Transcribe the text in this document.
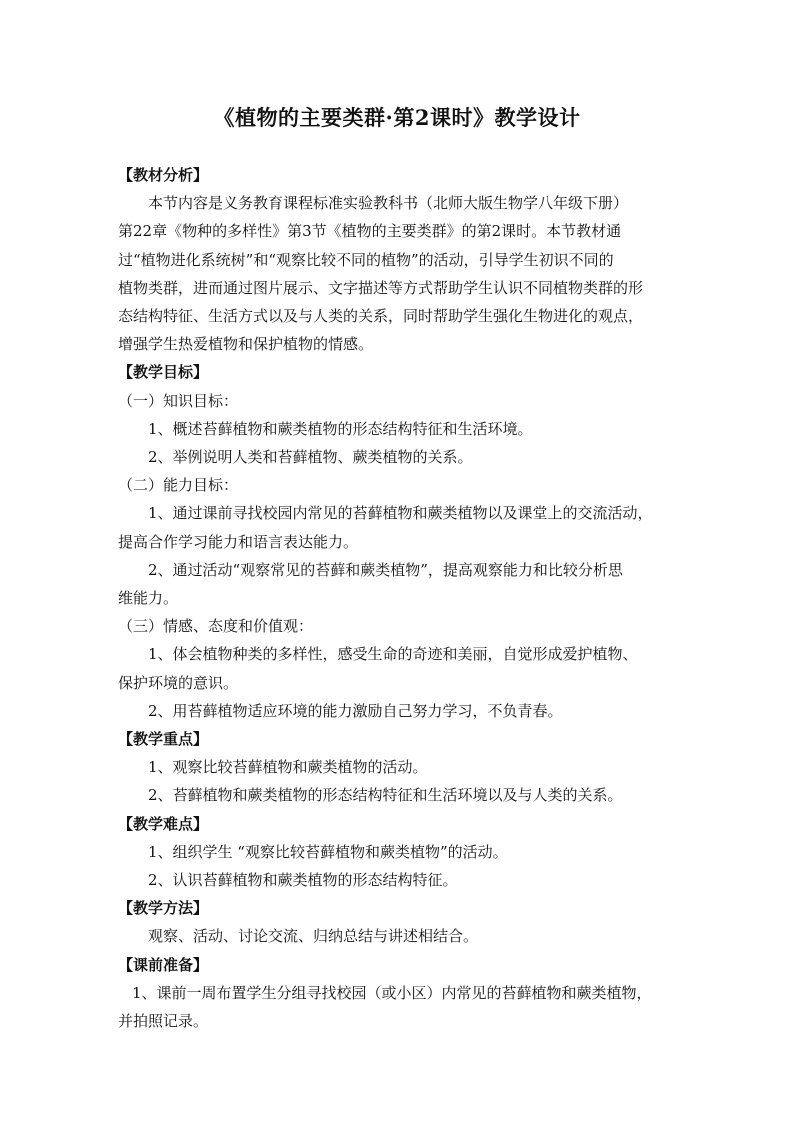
《植物的主要类群·第2课时》教学设计
【教材分析】
本节内容是义务教育课程标准实验教科书（北师大版生物学八年级下册）
第22章《物种的多样性》第3节《植物的主要类群》的第2课时。本节教材通
过“植物进化系统树”和“观察比较不同的植物”的活动，引导学生初识不同的
植物类群，进而通过图片展示、文字描述等方式帮助学生认识不同植物类群的形
态结构特征、生活方式以及与人类的关系，同时帮助学生强化生物进化的观点，
增强学生热爱植物和保护植物的情感。
【教学目标】
（一）知识目标：
1、概述苔藓植物和蕨类植物的形态结构特征和生活环境。
2、举例说明人类和苔藓植物、蕨类植物的关系。
（二）能力目标：
1、通过课前寻找校园内常见的苔藓植物和蕨类植物以及课堂上的交流活动，
提高合作学习能力和语言表达能力。
2、通过活动“观察常见的苔藓和蕨类植物”，提高观察能力和比较分析思
维能力。
（三）情感、态度和价值观：
1、体会植物种类的多样性，感受生命的奇迹和美丽，自觉形成爱护植物、
保护环境的意识。
2、用苔藓植物适应环境的能力激励自己努力学习，不负青春。
【教学重点】
1、观察比较苔藓植物和蕨类植物的活动。
2、苔藓植物和蕨类植物的形态结构特征和生活环境以及与人类的关系。
【教学难点】
1、组织学生 “观察比较苔藓植物和蕨类植物”的活动。
2、认识苔藓植物和蕨类植物的形态结构特征。
【教学方法】
观察、活动、讨论交流、归纳总结与讲述相结合。
【课前准备】
1、课前一周布置学生分组寻找校园（或小区）内常见的苔藓植物和蕨类植物，
并拍照记录。
